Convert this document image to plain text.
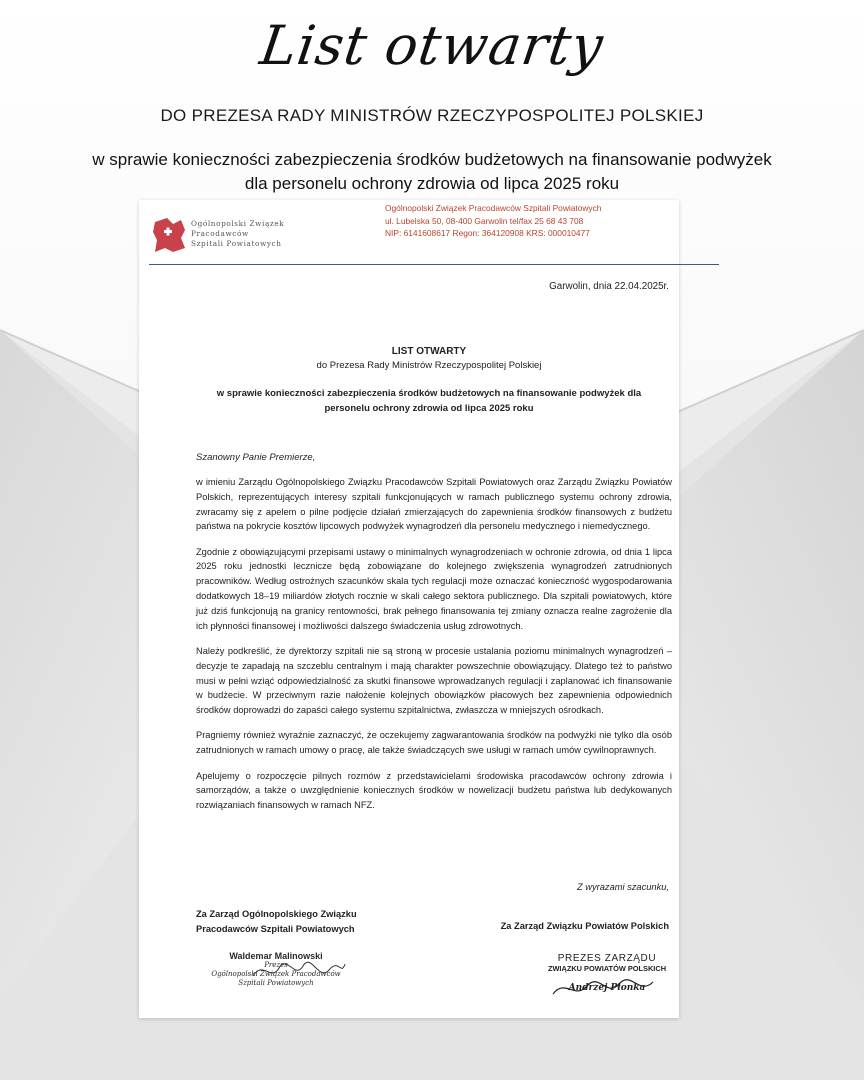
List otwarty
DO PREZESA RADY MINISTRÓW RZECZYPOSPOLITEJ POLSKIEJ
w sprawie konieczności zabezpieczenia środków budżetowych na finansowanie podwyżek
dla personelu ochrony zdrowia od lipca 2025 roku
Ogólnopolski Związek
Pracodawców
Szpitali Powiatowych
Ogólnopolski Związek Pracodawców Szpitali Powiatowych
ul. Lubelska 50, 08-400 Garwolin tel/fax 25 68 43 708
NIP: 6141608617 Regon: 364120908 KRS: 000010477
Garwolin, dnia 22.04.2025r.
LIST OTWARTY
do Prezesa Rady Ministrów Rzeczypospolitej Polskiej
w sprawie konieczności zabezpieczenia środków budżetowych na finansowanie podwyżek dla personelu ochrony zdrowia od lipca 2025 roku
Szanowny Panie Premierze,

w imieniu Zarządu Ogólnopolskiego Związku Pracodawców Szpitali Powiatowych oraz Zarządu Związku Powiatów Polskich, reprezentujących interesy szpitali funkcjonujących w ramach publicznego systemu ochrony zdrowia, zwracamy się z apelem o pilne podjęcie działań zmierzających do zapewnienia środków finansowych z budżetu państwa na pokrycie kosztów lipcowych podwyżek wynagrodzeń dla personelu medycznego i niemedycznego.

Zgodnie z obowiązującymi przepisami ustawy o minimalnych wynagrodzeniach w ochronie zdrowia, od dnia 1 lipca 2025 roku jednostki lecznicze będą zobowiązane do kolejnego zwiększenia wynagrodzeń zatrudnionych pracowników. Według ostrożnych szacunków skala tych regulacji może oznaczać konieczność wygospodarowania dodatkowych 18–19 miliardów złotych rocznie w skali całego sektora publicznego. Dla szpitali powiatowych, które już dziś funkcjonują na granicy rentowności, brak pełnego finansowania tej zmiany oznacza realne zagrożenie dla ich płynności finansowej i możliwości dalszego świadczenia usług zdrowotnych.

Należy podkreślić, że dyrektorzy szpitali nie są stroną w procesie ustalania poziomu minimalnych wynagrodzeń – decyzje te zapadają na szczeblu centralnym i mają charakter powszechnie obowiązujący. Dlatego też to państwo musi w pełni wziąć odpowiedzialność za skutki finansowe wprowadzanych regulacji i zaplanować ich finansowanie w budżecie. W przeciwnym razie nałożenie kolejnych obowiązków płacowych bez zapewnienia odpowiednich środków doprowadzi do zapaści całego systemu szpitalnictwa, zwłaszcza w mniejszych ośrodkach.

Pragniemy również wyraźnie zaznaczyć, że oczekujemy zagwarantowania środków na podwyżki nie tylko dla osób zatrudnionych w ramach umowy o pracę, ale także świadczących swe usługi w ramach umów cywilnoprawnych.

Apelujemy o rozpoczęcie pilnych rozmów z przedstawicielami środowiska pracodawców ochrony zdrowia i samorządów, a także o uwzględnienie koniecznych środków w nowelizacji budżetu państwa lub dedykowanych rozwiązaniach finansowych w ramach NFZ.

Z wyrazami szacunku,
Za Zarząd Ogólnopolskiego Związku
Pracodawców Szpitali Powiatowych	Za Zarząd Związku Powiatów Polskich
Waldemar Malinowski
Prezes
Ogólnopolski Związek Pracodawców
Szpitali Powiatowych
PREZES ZARZĄDU
ZWIĄZKU POWIATÓW POLSKICH
Andrzej Płonka
